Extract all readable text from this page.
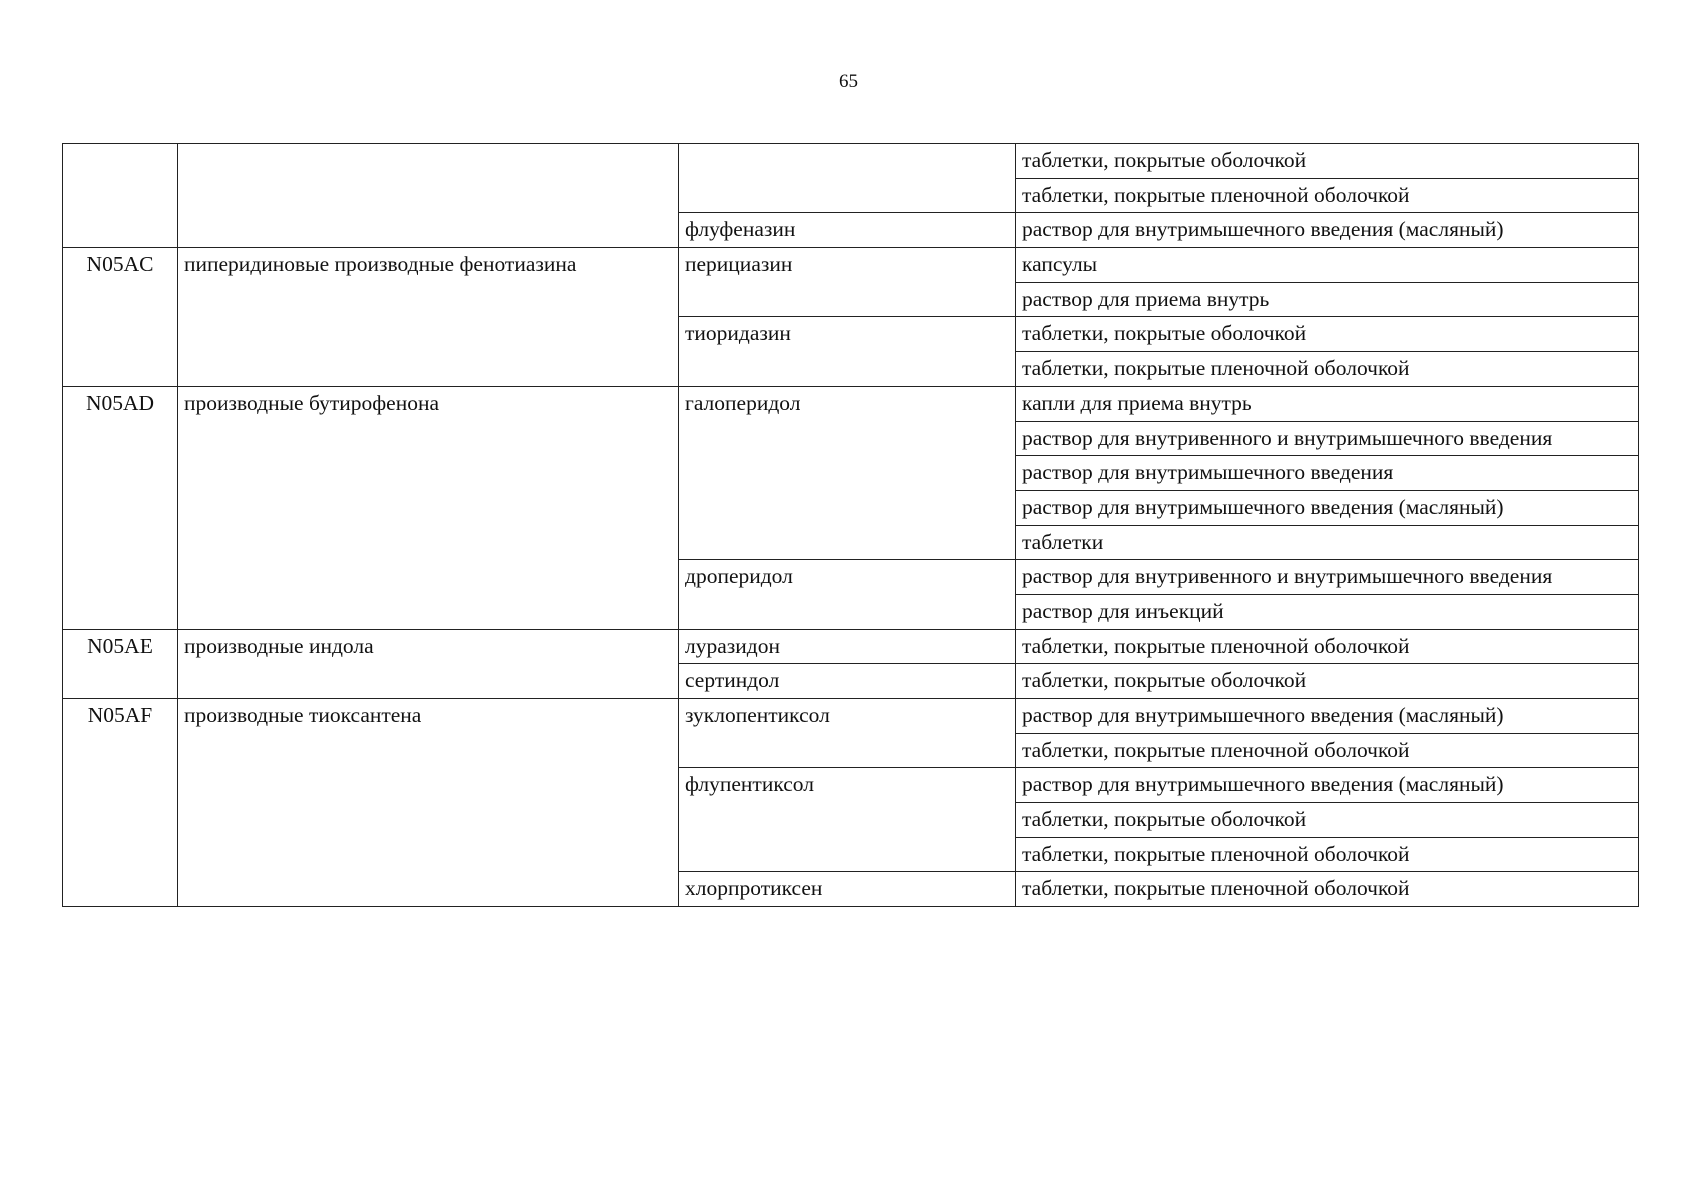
65
			таблетки, покрытые оболочкой
			таблетки, покрытые пленочной оболочкой
		флуфеназин	раствор для внутримышечного введения (масляный)
N05AC	пиперидиновые производные фенотиазина	перициазин	капсулы
			раствор для приема внутрь
		тиоридазин	таблетки, покрытые оболочкой
			таблетки, покрытые пленочной оболочкой
N05AD	производные бутирофенона	галоперидол	капли для приема внутрь
			раствор для внутривенного и внутримышечного введения
			раствор для внутримышечного введения
			раствор для внутримышечного введения (масляный)
			таблетки
		дроперидол	раствор для внутривенного и внутримышечного введения
			раствор для инъекций
N05AE	производные индола	луразидон	таблетки, покрытые пленочной оболочкой
		сертиндол	таблетки, покрытые оболочкой
N05AF	производные тиоксантена	зуклопентиксол	раствор для внутримышечного введения (масляный)
			таблетки, покрытые пленочной оболочкой
		флупентиксол	раствор для внутримышечного введения (масляный)
			таблетки, покрытые оболочкой
			таблетки, покрытые пленочной оболочкой
		хлорпротиксен	таблетки, покрытые пленочной оболочкой
